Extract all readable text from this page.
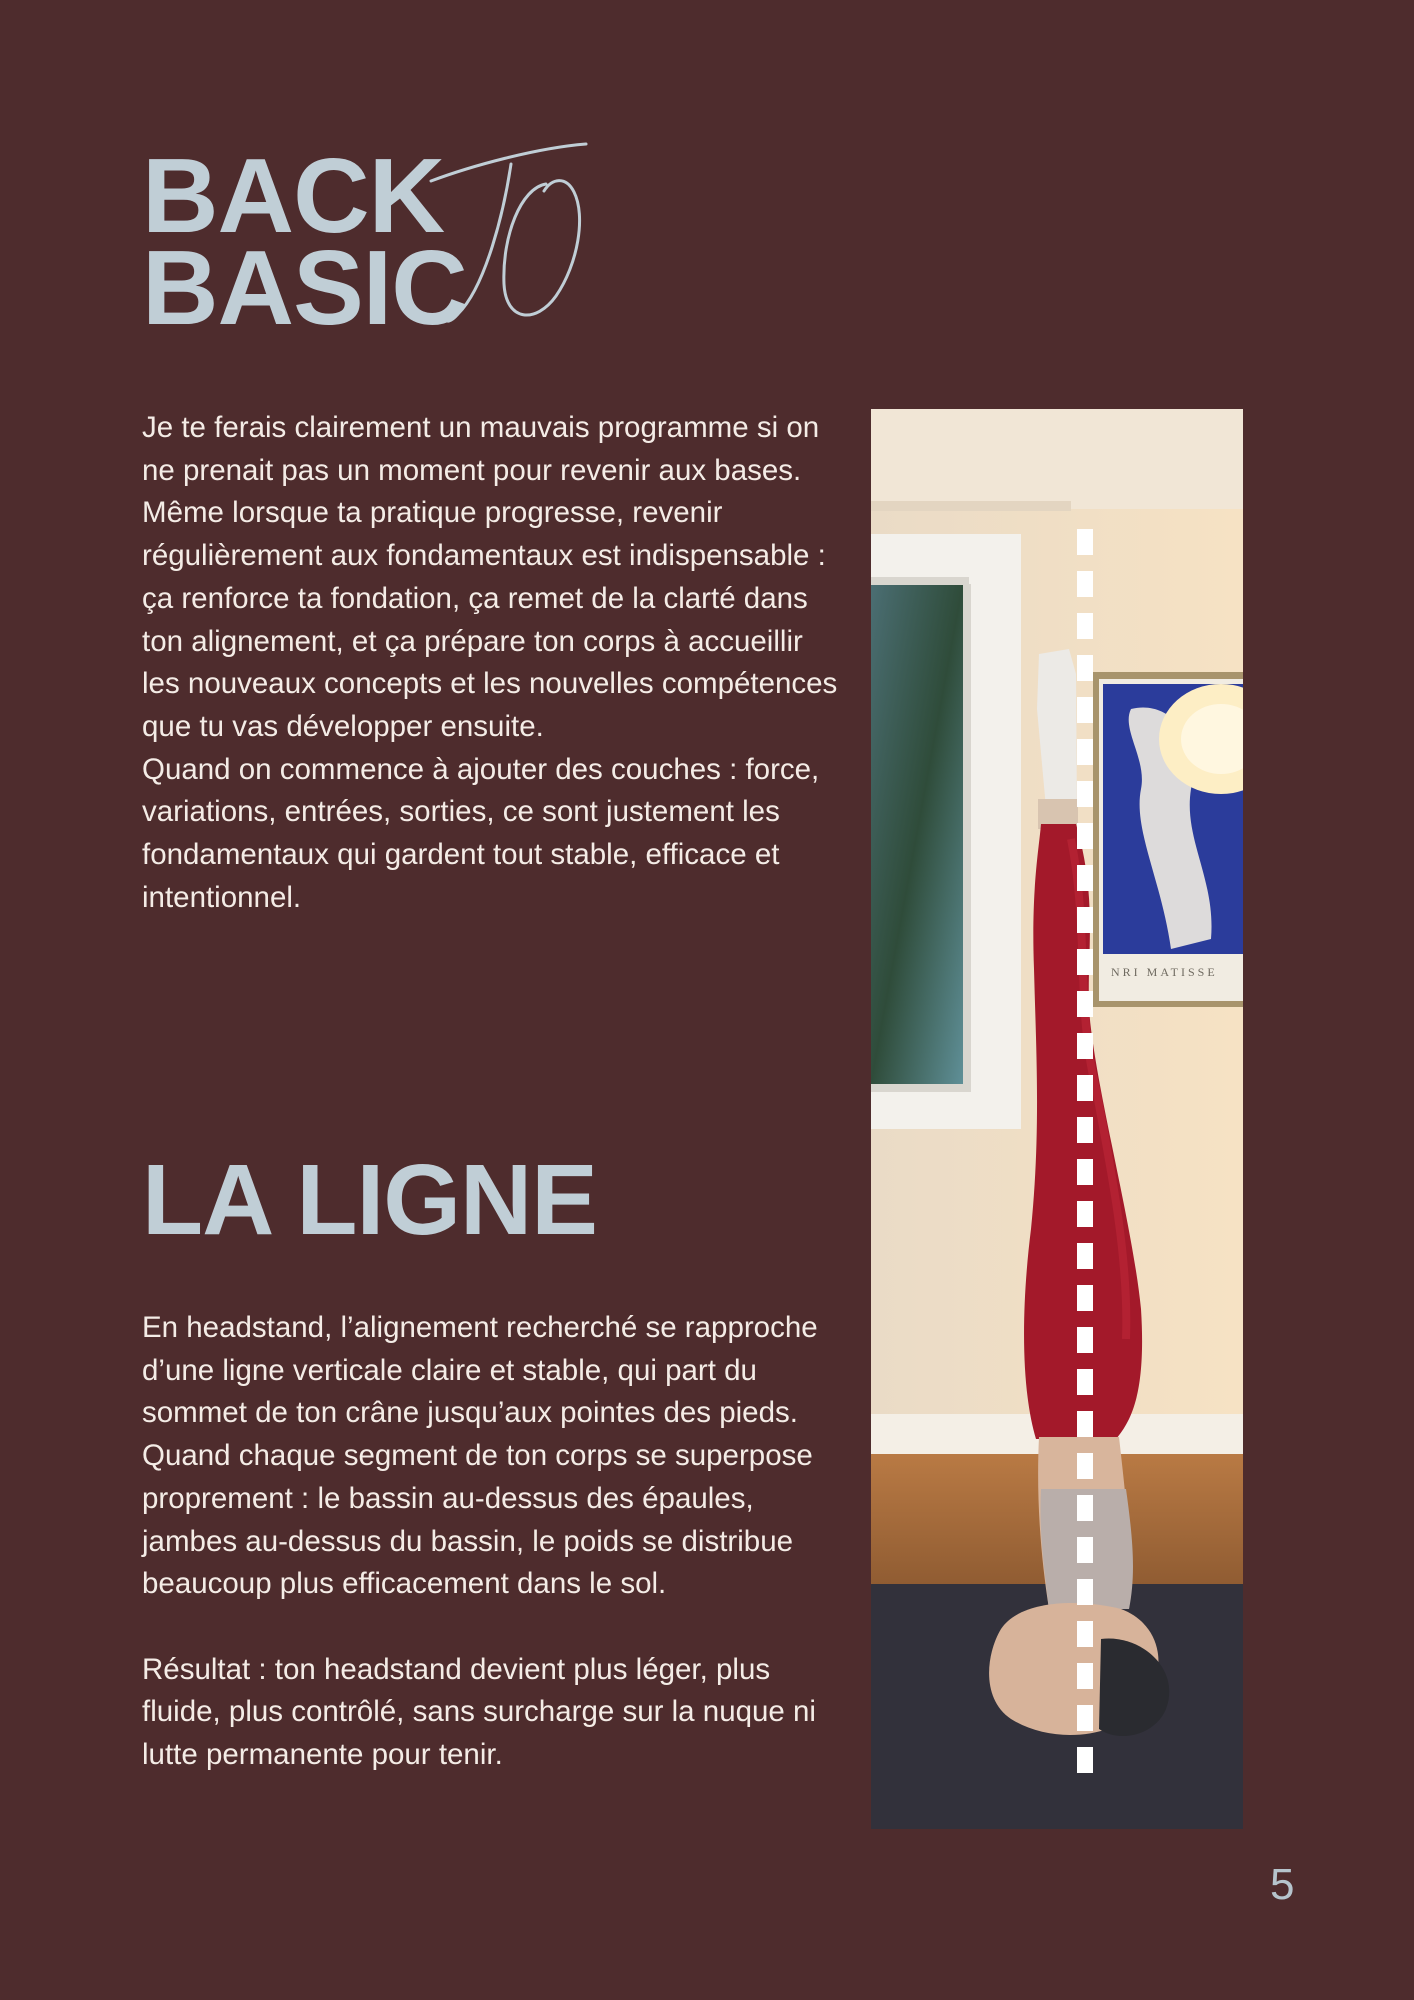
BACK
BASIC

Je te ferais clairement un mauvais programme si on ne prenait pas un moment pour revenir aux bases.

Même lorsque ta pratique progresse, revenir régulièrement aux fondamentaux est indispensable : ça renforce ta fondation, ça remet de la clarté dans ton alignement, et ça prépare ton corps à accueillir les nouveaux concepts et les nouvelles compétences que tu vas développer ensuite.

Quand on commence à ajouter des couches : force, variations, entrées, sorties, ce sont justement les fondamentaux qui gardent tout stable, efficace et intentionnel.

LA LIGNE

En headstand, l’alignement recherché se rapproche d’une ligne verticale claire et stable, qui part du sommet de ton crâne jusqu’aux pointes des pieds.

Quand chaque segment de ton corps se superpose proprement : le bassin au-dessus des épaules, jambes au-dessus du bassin, le poids se distribue beaucoup plus efficacement dans le sol.

Résultat : ton headstand devient plus léger, plus fluide, plus contrôlé, sans surcharge sur la nuque ni lutte permanente pour tenir.

NRI MATISSE
5
